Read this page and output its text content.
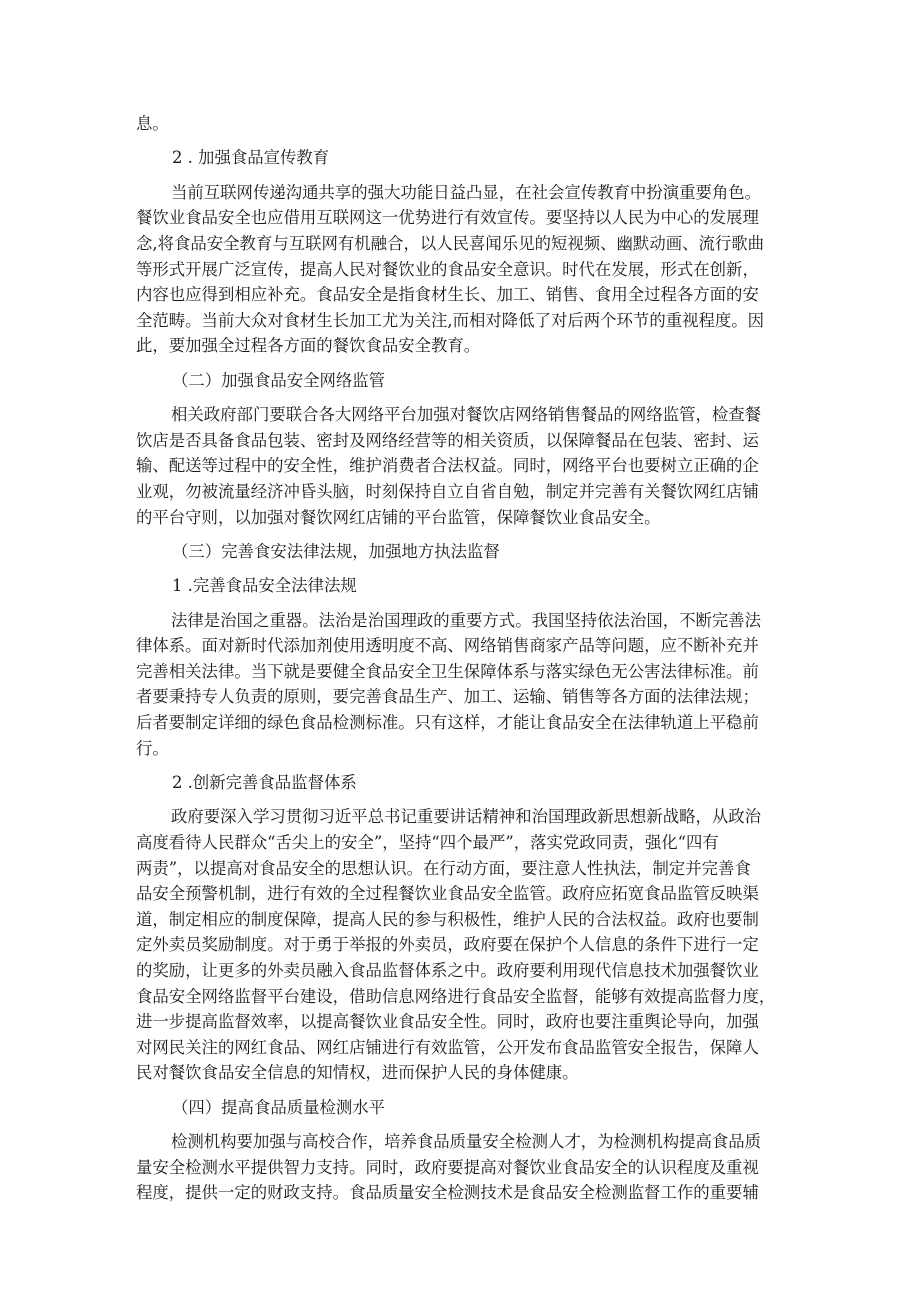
息。
2 . 加强食品宣传教育
当前互联网传递沟通共享的强大功能日益凸显，在社会宣传教育中扮演重要角色。
餐饮业食品安全也应借用互联网这一优势进行有效宣传。要坚持以人民为中心的发展理
念,将食品安全教育与互联网有机融合，以人民喜闻乐见的短视频、幽默动画、流行歌曲
等形式开展广泛宣传，提高人民对餐饮业的食品安全意识。时代在发展，形式在创新，
内容也应得到相应补充。食品安全是指食材生长、加工、销售、食用全过程各方面的安
全范畴。当前大众对食材生长加工尤为关注,而相对降低了对后两个环节的重视程度。因
此，要加强全过程各方面的餐饮食品安全教育。
（二）加强食品安全网络监管
相关政府部门要联合各大网络平台加强对餐饮店网络销售餐品的网络监管，检查餐
饮店是否具备食品包装、密封及网络经营等的相关资质，以保障餐品在包装、密封、运
输、配送等过程中的安全性，维护消费者合法权益。同时，网络平台也要树立正确的企
业观，勿被流量经济冲昏头脑，时刻保持自立自省自勉，制定并完善有关餐饮网红店铺
的平台守则，以加强对餐饮网红店铺的平台监管，保障餐饮业食品安全。
（三）完善食安法律法规，加强地方执法监督
1 .完善食品安全法律法规
法律是治国之重器。法治是治国理政的重要方式。我国坚持依法治国，不断完善法
律体系。面对新时代添加剂使用透明度不高、网络销售商家产品等问题，应不断补充并
完善相关法律。当下就是要健全食品安全卫生保障体系与落实绿色无公害法律标准。前
者要秉持专人负责的原则，要完善食品生产、加工、运输、销售等各方面的法律法规；
后者要制定详细的绿色食品检测标准。只有这样，才能让食品安全在法律轨道上平稳前
行。
2 .创新完善食品监督体系
政府要深入学习贯彻习近平总书记重要讲话精神和治国理政新思想新战略，从政治
高度看待人民群众“舌尖上的安全”，坚持“四个最严”，落实党政同责，强化“四有
两责”，以提高对食品安全的思想认识。在行动方面，要注意人性执法，制定并完善食
品安全预警机制，进行有效的全过程餐饮业食品安全监管。政府应拓宽食品监管反映渠
道，制定相应的制度保障，提高人民的参与积极性，维护人民的合法权益。政府也要制
定外卖员奖励制度。对于勇于举报的外卖员，政府要在保护个人信息的条件下进行一定
的奖励，让更多的外卖员融入食品监督体系之中。政府要利用现代信息技术加强餐饮业
食品安全网络监督平台建设，借助信息网络进行食品安全监督，能够有效提高监督力度，
进一步提高监督效率，以提高餐饮业食品安全性。同时，政府也要注重舆论导向，加强
对网民关注的网红食品、网红店铺进行有效监管，公开发布食品监管安全报告，保障人
民对餐饮食品安全信息的知情权，进而保护人民的身体健康。
（四）提高食品质量检测水平
检测机构要加强与高校合作，培养食品质量安全检测人才，为检测机构提高食品质
量安全检测水平提供智力支持。同时，政府要提高对餐饮业食品安全的认识程度及重视
程度，提供一定的财政支持。食品质量安全检测技术是食品安全检测监督工作的重要辅
